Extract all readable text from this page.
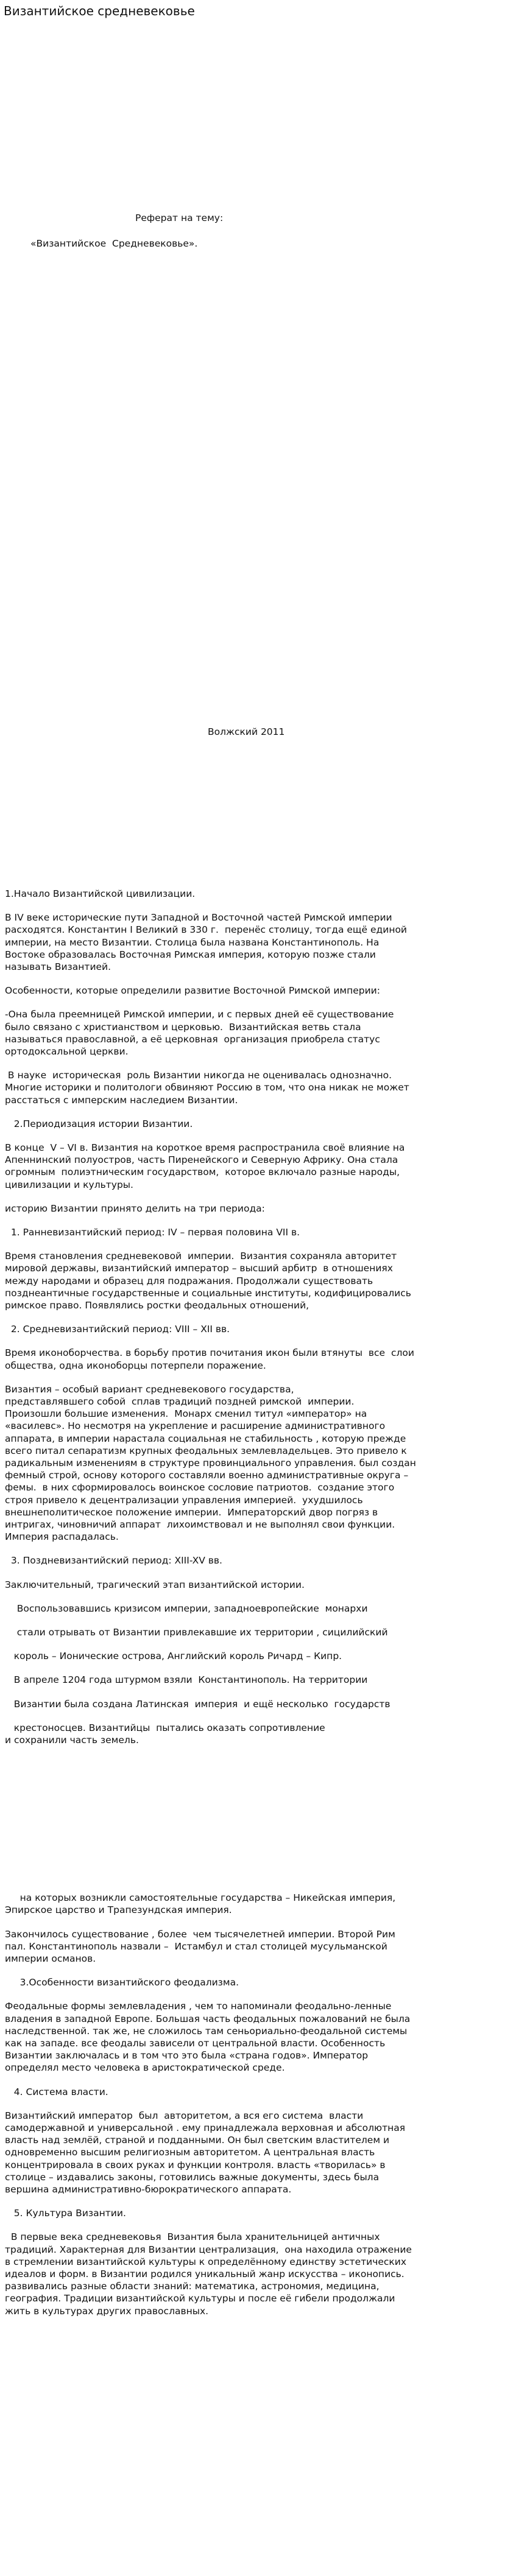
Византийское средневековье
Реферат на тему:
«Византийское  Средневековье».
Волжский 2011
1.Начало Византийской цивилизации.
В IV веке исторические пути Западной и Восточной частей Римской империи
расходятся. Константин I Великий в 330 г.  перенёс столицу, тогда ещё единой
империи, на место Византии. Столица была названа Константинополь. На
Востоке образовалась Восточная Римская империя, которую позже стали
называть Византией.
Особенности, которые определили развитие Восточной Римской империи:
-Она была преемницей Римской империи, и с первых дней её существование
было связано с христианством и церковью.  Византийская ветвь стала
называться православной, а её церковная  организация приобрела статус
ортодоксальной церкви.
В науке  историческая  роль Византии никогда не оценивалась однозначно.
Многие историки и политологи обвиняют Россию в том, что она никак не может
расстаться с имперским наследием Византии.
2.Периодизация истории Византии.
В конце  V – VI в. Византия на короткое время распространила своё влияние на
Апеннинский полуостров, часть Пиренейского и Северную Африку. Она стала
огромным  полиэтническим государством,  которое включало разные народы,
цивилизации и культуры.
историю Византии принято делить на три периода:
1. Ранневизантийский период: IV – первая половина VII в.
Время становления средневековой  империи.  Византия сохраняла авторитет
мировой державы, византийский император – высший арбитр  в отношениях
между народами и образец для подражания. Продолжали существовать
позднеантичные государственные и социальные институты, кодифицировались
римское право. Появлялись ростки феодальных отношений,
2. Средневизантийский период: VIII – XII вв.
Время иконоборчества. в борьбу против почитания икон были втянуты  все  слои
общества, одна иконоборцы потерпели поражение.
Византия – особый вариант средневекового государства,
представлявшего собой  сплав традиций поздней римской  империи.
Произошли большие изменения.  Монарх сменил титул «император» на
«василевс». Но несмотря на укрепление и расширение административного
аппарата, в империи нарастала социальная не стабильность , которую прежде
всего питал сепаратизм крупных феодальных землевладельцев. Это привело к
радикальным изменениям в структуре провинциального управления. был создан
фемный строй, основу которого составляли военно административные округа –
фемы.  в них сформировалось воинское сословие патриотов.  создание этого
строя привело к децентрализации управления империей.  ухудшилось
внешнеполитическое положение империи.  Императорский двор погряз в
интригах, чиновничий аппарат  лихоимствовал и не выполнял свои функции.
Империя распадалась.
3. Поздневизантийский период: XIII-XV вв.
Заключительный, трагический этап византийской истории.
Воспользовавшись кризисом империи, западноевропейские  монархи
стали отрывать от Византии привлекавшие их территории , сицилийский
король – Ионические острова, Английский король Ричард – Кипр.
В апреле 1204 года штурмом взяли  Константинополь. На территории
Византии была создана Латинская  империя  и ещё несколько  государств
крестоносцев. Византийцы  пытались оказать сопротивление
и сохранили часть земель.
на которых возникли самостоятельные государства – Никейская империя,
Эпирское царство и Трапезундская империя.
Закончилось существование , более  чем тысячелетней империи. Второй Рим
пал. Константинополь назвали –  Истамбул и стал столицей мусульманской
империи османов.
3.Особенности византийского феодализма.
Феодальные формы землевладения , чем то напоминали феодально-ленные
владения в западной Европе. Большая часть феодальных пожалований не была
наследственной. так же, не сложилось там сеньориально-феодальной системы
как на западе. все феодалы зависели от центральной власти. Особенность
Византии заключалась и в том что это была «страна годов». Император
определял место человека в аристократической среде.
4. Система власти.
Византийский император  был  авторитетом, а вся его система  власти
самодержавной и универсальной . ему принадлежала верховная и абсолютная
власть над землёй, страной и подданными. Он был светским властителем и
одновременно высшим религиозным авторитетом. А центральная власть
концентрировала в своих руках и функции контроля. власть «творилась» в
столице – издавались законы, готовились важные документы, здесь была
вершина административно-бюрократического аппарата.
5. Культура Византии.
В первые века средневековья  Византия была хранительницей античных
традиций. Характерная для Византии централизация,  она находила отражение
в стремлении византийской культуры к определённому единству эстетических
идеалов и форм. в Византии родился уникальный жанр искусства – иконопись.
развивались разные области знаний: математика, астрономия, медицина,
география. Традиции византийской культуры и после её гибели продолжали
жить в культурах других православных.
